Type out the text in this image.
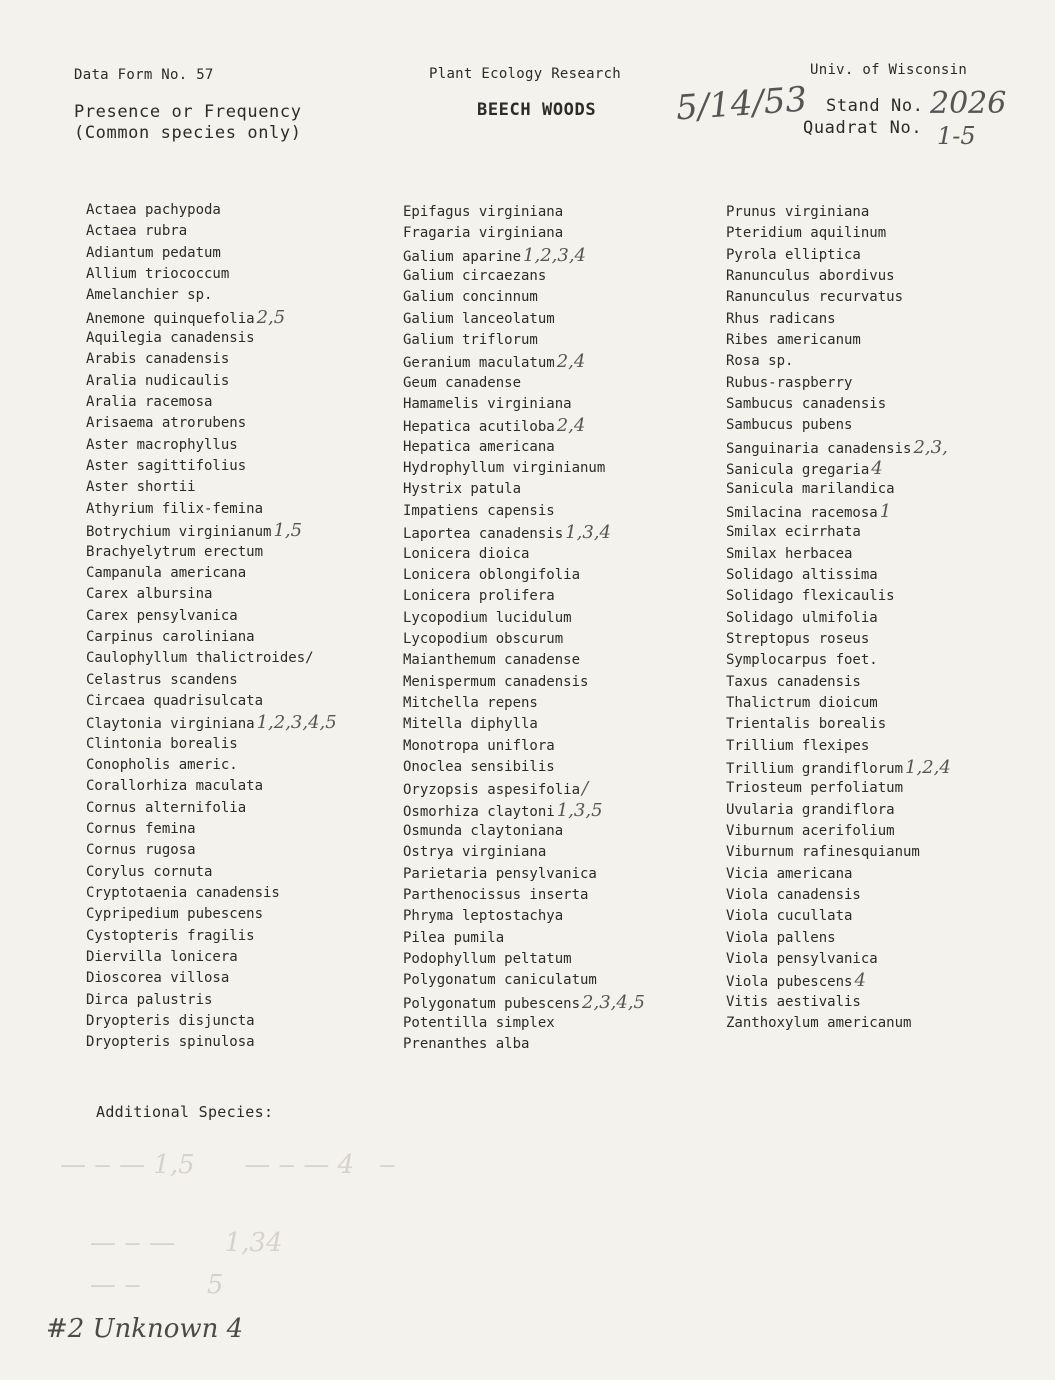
Data Form No. 57
Presence or Frequency
(Common species only)
Plant Ecology Research
BEECH WOODS 5/14/53
Univ. of Wisconsin
Stand No. 2026
Quadrat No. 1-5
Actaea pachypoda
Actaea rubra
Adiantum pedatum
Allium triococcum
Amelanchier sp.
Anemone quinquefolia 2,5
Aquilegia canadensis
Arabis canadensis
Aralia nudicaulis
Aralia racemosa
Arisaema atrorubens
Aster macrophyllus
Aster sagittifolius
Aster shortii
Athyrium filix-femina
Botrychium virginianum 1,5
Brachyelytrum erectum
Campanula americana
Carex albursina
Carex pensylvanica
Carpinus caroliniana
Caulophyllum thalictroides/
Celastrus scandens
Circaea quadrisulcata
Claytonia virginiana 1,2,3,4,5
Clintonia borealis
Conopholis americ.
Corallorhiza maculata
Cornus alternifolia
Cornus femina
Cornus rugosa
Corylus cornuta
Cryptotaenia canadensis
Cypripedium pubescens
Cystopteris fragilis
Diervilla lonicera
Dioscorea villosa
Dirca palustris
Dryopteris disjuncta
Dryopteris spinulosa
Epifagus virginiana
Fragaria virginiana
Galium aparine 1,2,3,4
Galium circaezans
Galium concinnum
Galium lanceolatum
Galium triflorum
Geranium maculatum 2,4
Geum canadense
Hamamelis virginiana
Hepatica acutiloba 2,4
Hepatica americana
Hydrophyllum virginianum
Hystrix patula
Impatiens capensis
Laportea canadensis 1,3,4
Lonicera dioica
Lonicera oblongifolia
Lonicera prolifera
Lycopodium lucidulum
Lycopodium obscurum
Maianthemum canadense
Menispermum canadensis
Mitchella repens
Mitella diphylla
Monotropa uniflora
Onoclea sensibilis
Oryzopsis aspesifolia /
Osmorhiza claytoni 1,3,5
Osmunda claytoniana
Ostrya virginiana
Parietaria pensylvanica
Parthenocissus inserta
Phryma leptostachya
Pilea pumila
Podophyllum peltatum
Polygonatum caniculatum
Polygonatum pubescens 2,3,4,5
Potentilla simplex
Prenanthes alba
Prunus virginiana
Pteridium aquilinum
Pyrola elliptica
Ranunculus abordivus
Ranunculus recurvatus
Rhus radicans
Ribes americanum
Rosa sp.
Rubus-raspberry
Sambucus canadensis
Sambucus pubens
Sanguinaria canadensis 2,3,
Sanicula gregaria 4
Sanicula marilandica
Smilacina racemosa 1
Smilax ecirrhata
Smilax herbacea
Solidago altissima
Solidago flexicaulis
Solidago ulmifolia
Streptopus roseus
Symplocarpus foet.
Taxus canadensis
Thalictrum dioicum
Trientalis borealis
Trillium flexipes
Trillium grandiflorum 1,2,4
Triosteum perfoliatum
Uvularia grandiflora
Viburnum acerifolium
Viburnum rafinesquianum
Vicia americana
Viola canadensis
Viola cucullata
Viola pallens
Viola pensylvanica
Viola pubescens 4
Vitis aestivalis
Zanthoxylum americanum
Additional Species:
— ‒ — 1,5      — ‒ — 4   ‒
— ‒ —      1,34
— ‒        5
#2 Unknown 4
